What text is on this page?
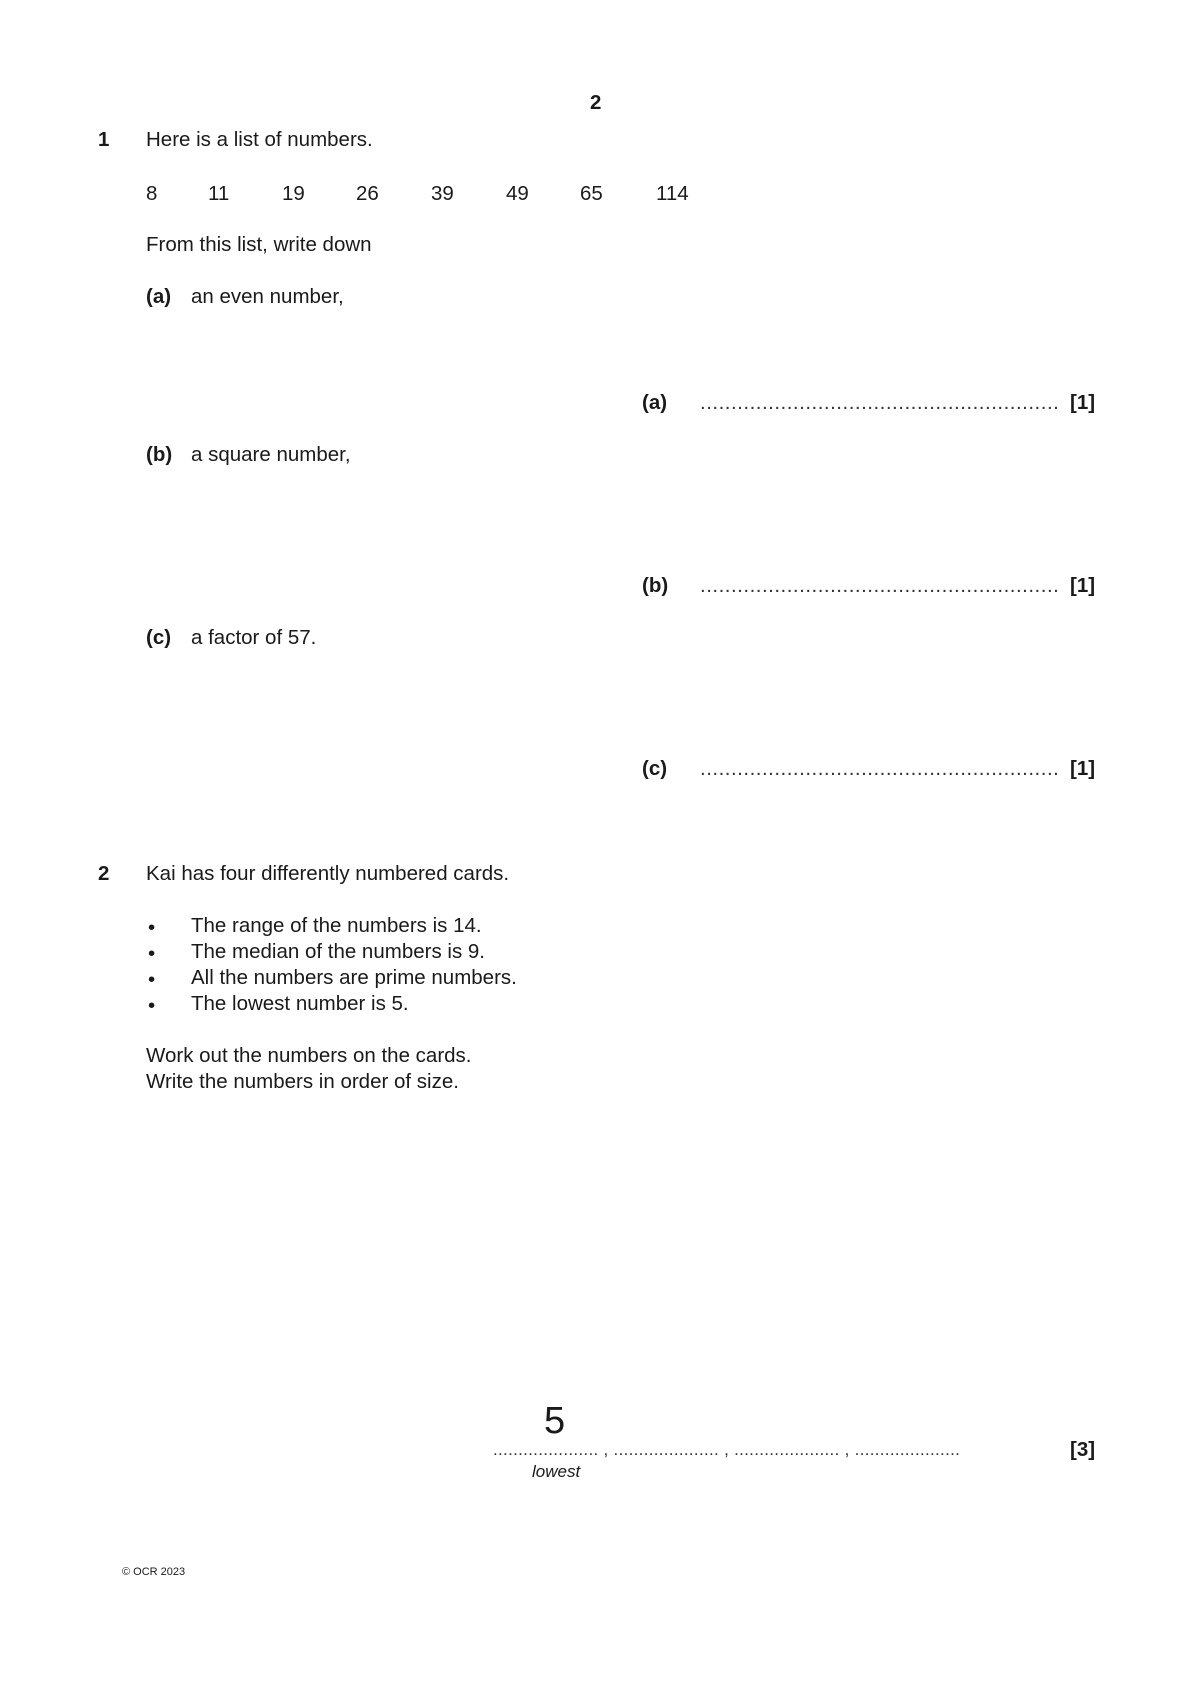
2
1 Here is a list of numbers.
8 11	19 26	39	49 65	114
From this list, write down
(a) an even number,
(a) .......................................................... [1]
(b) a square number,
(b) .......................................................... [1]
(c) a factor of 57.
(c) .......................................................... [1]
2 Kai has four differently numbered cards.
• The range of the numbers is 14.
• The median of the numbers is 9.
• All the numbers are prime numbers.
• The lowest number is 5.
Work out the numbers on the cards.
Write the numbers in order of size.
5
..................... , ..................... , ..................... , .....................	[3]
lowest
© OCR 2023
